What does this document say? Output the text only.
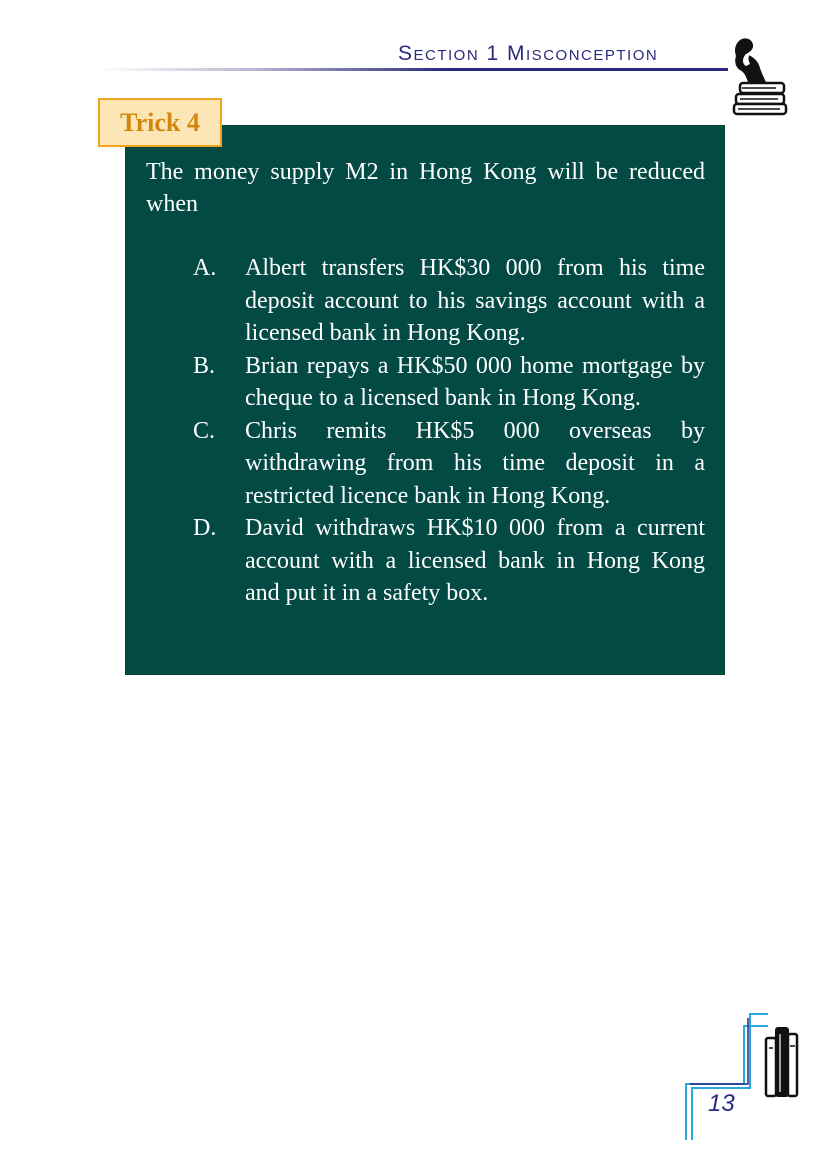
Section 1 Misconception
Trick 4

The money supply M2 in Hong Kong will be reduced when

A. Albert transfers HK$30 000 from his time deposit account to his savings account with a licensed bank in Hong Kong.
B. Brian repays a HK$50 000 home mortgage by cheque to a licensed bank in Hong Kong.
C. Chris remits HK$5 000 overseas by withdrawing from his time deposit in a restricted licence bank in Hong Kong.
D. David withdraws HK$10 000 from a current account with a licensed bank in Hong Kong and put it in a safety box.
13
